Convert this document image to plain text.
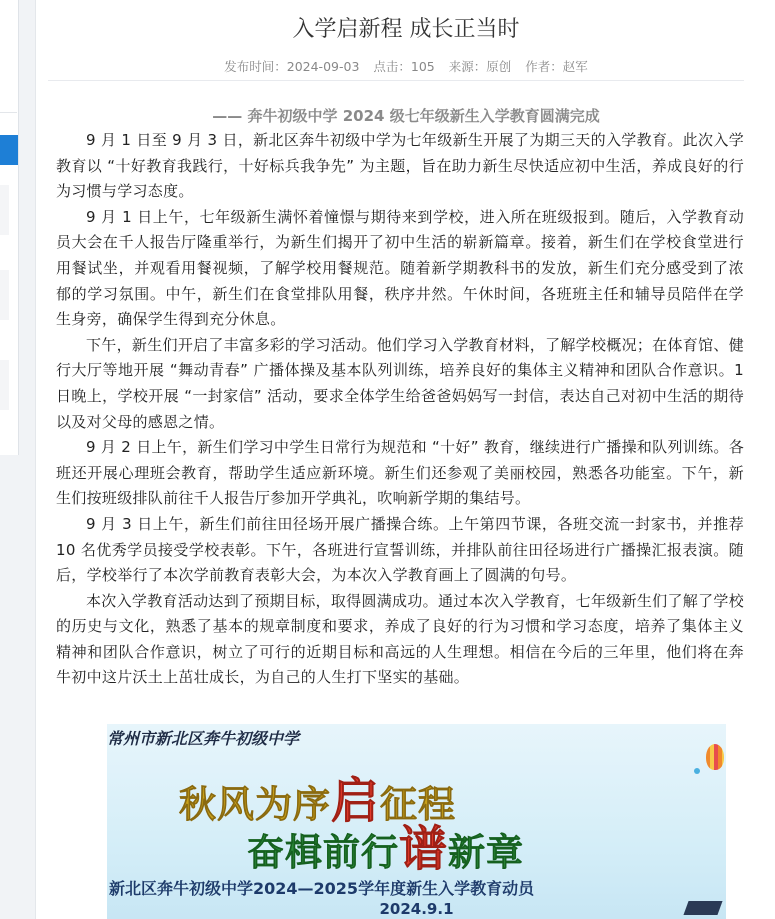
入学启新程 成长正当时
发布时间：2024-09-03 点击：105 来源：原创 作者：赵军
—— 奔牛初级中学 2024 级七年级新生入学教育圆满完成

9 月 1 日至 9 月 3 日，新北区奔牛初级中学为七年级新生开展了为期三天的入学教育。此次入学教育以 “十好教育我践行，十好标兵我争先” 为主题，旨在助力新生尽快适应初中生活，养成良好的行为习惯与学习态度。

9 月 1 日上午，七年级新生满怀着憧憬与期待来到学校，进入所在班级报到。随后，入学教育动员大会在千人报告厅隆重举行，为新生们揭开了初中生活的崭新篇章。接着，新生们在学校食堂进行用餐试坐，并观看用餐视频，了解学校用餐规范。随着新学期教科书的发放，新生们充分感受到了浓郁的学习氛围。中午，新生们在食堂排队用餐，秩序井然。午休时间，各班班主任和辅导员陪伴在学生身旁，确保学生得到充分休息。

下午，新生们开启了丰富多彩的学习活动。他们学习入学教育材料，了解学校概况；在体育馆、健行大厅等地开展 “舞动青春” 广播体操及基本队列训练，培养良好的集体主义精神和团队合作意识。1 日晚上，学校开展 “一封家信” 活动，要求全体学生给爸爸妈妈写一封信，表达自己对初中生活的期待以及对父母的感恩之情。

9 月 2 日上午，新生们学习中学生日常行为规范和 “十好” 教育，继续进行广播操和队列训练。各班还开展心理班会教育，帮助学生适应新环境。新生们还参观了美丽校园，熟悉各功能室。下午，新生们按班级排队前往千人报告厅参加开学典礼，吹响新学期的集结号。

9 月 3 日上午，新生们前往田径场开展广播操合练。上午第四节课，各班交流一封家书，并推荐 10 名优秀学员接受学校表彰。下午，各班进行宣誓训练，并排队前往田径场进行广播操汇报表演。随后，学校举行了本次学前教育表彰大会，为本次入学教育画上了圆满的句号。

本次入学教育活动达到了预期目标，取得圆满成功。通过本次入学教育，七年级新生们了解了学校的历史与文化，熟悉了基本的规章制度和要求，养成了良好的行为习惯和学习态度，培养了集体主义精神和团队合作意识，树立了可行的近期目标和高远的人生理想。相信在今后的三年里，他们将在奔牛初中这片沃土上茁壮成长，为自己的人生打下坚实的基础。

常州市新北区奔牛初级中学
秋风为序启征程
奋楫前行谱新章
新北区奔牛初级中学2024—2025学年度新生入学教育动员
2024.9.1
